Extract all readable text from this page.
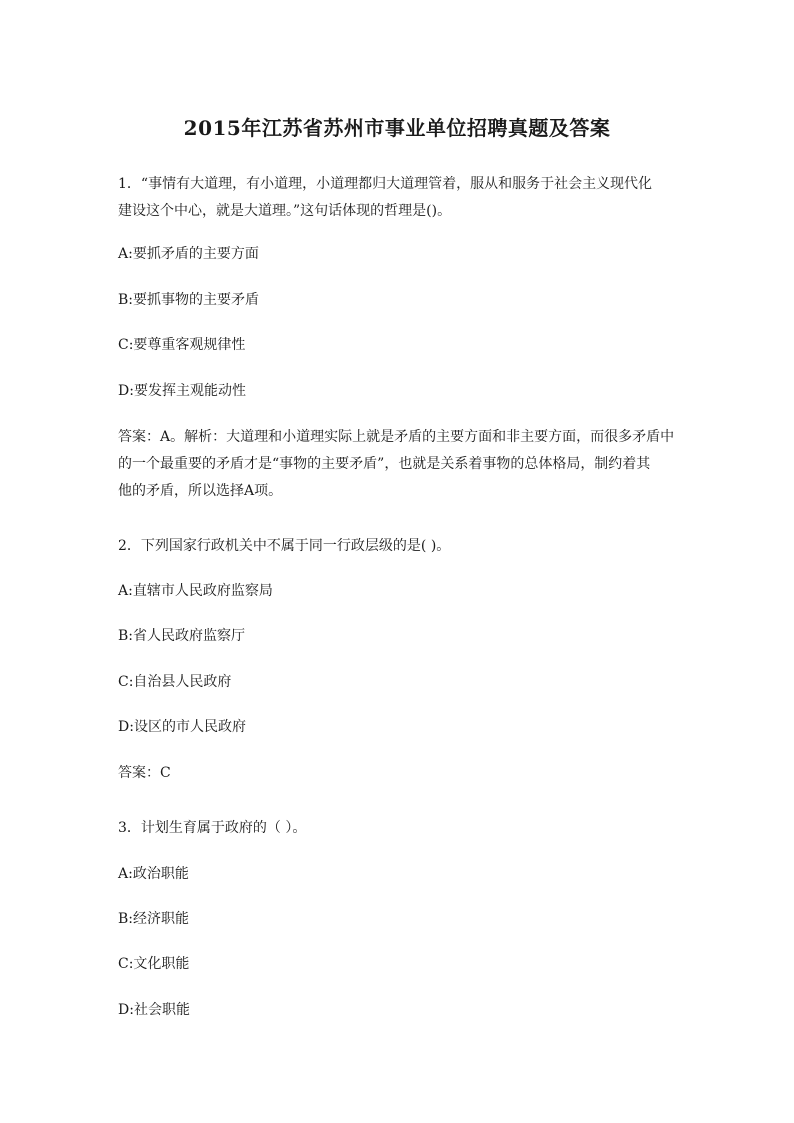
2015年江苏省苏州市事业单位招聘真题及答案
1．“事情有大道理，有小道理，小道理都归大道理管着，服从和服务于社会主义现代化
建设这个中心，就是大道理。”这句话体现的哲理是()。
A:要抓矛盾的主要方面
B:要抓事物的主要矛盾
C:要尊重客观规律性
D:要发挥主观能动性
答案：A。解析：大道理和小道理实际上就是矛盾的主要方面和非主要方面，而很多矛盾中
的一个最重要的矛盾才是“事物的主要矛盾”，也就是关系着事物的总体格局，制约着其
他的矛盾，所以选择A项。
2．下列国家行政机关中不属于同一行政层级的是( )。
A:直辖市人民政府监察局
B:省人民政府监察厅
C:自治县人民政府
D:设区的市人民政府
答案：C
3．计划生育属于政府的（ ）。
A:政治职能
B:经济职能
C:文化职能
D:社会职能
